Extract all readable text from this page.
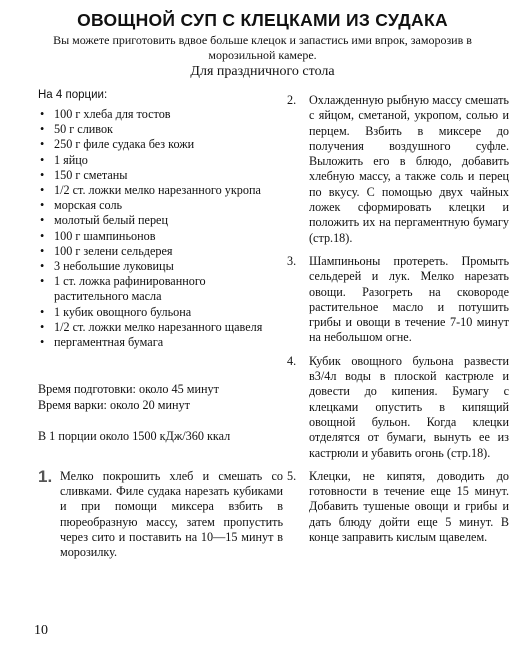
ОВОЩНОЙ СУП С КЛЕЦКАМИ ИЗ СУДАКА
Вы можете приготовить вдвое больше клецок и запастись ими впрок, заморозив в морозильной камере.
Для праздничного стола
На 4 порции:
• 100 г хлеба для тостов
• 50 г сливок
• 250 г филе судака без кожи
• 1 яйцо
• 150 г сметаны
• 1/2 ст. ложки мелко нарезанного укропа
• морская соль
• молотый белый перец
• 100 г шампиньонов
• 100 г зелени сельдерея
• 3 небольшие луковицы
• 1 ст. ложка рафинированного растительного масла
• 1 кубик овощного бульона
• 1/2 ст. ложки мелко нарезанного щавеля
• пергаментная бумага
Время подготовки: около 45 минут
Время варки: около 20 минут
В 1 порции около 1500 кДж/360 ккал
1. Мелко покрошить хлеб и смешать со сливками. Филе судака нарезать кубиками и при помощи миксера взбить в пюреобразную массу, затем пропустить через сито и поставить на 10—15 минут в морозилку.
2.	Охлажденную рыбную массу смешать с яйцом, сметаной, укропом, солью и перцем. Взбить в миксере до получения воздушного суфле. Выложить его в блюдо, добавить хлебную массу, а также соль и перец по вкусу. С помощью двух чайных ложек сформировать клецки и положить их на пергаментную бумагу (стр.18).
3.	Шампиньоны протереть. Промыть сельдерей и лук. Мелко нарезать овощи. Разогреть на сковороде растительное масло и потушить грибы и овощи в течение 7-10 минут на небольшом огне.
4.	Кубик овощного бульона развести в3/4л воды в плоской кастрюле и довести до кипения. Бумагу с клецками опустить в кипящий овощной бульон. Когда клецки отделятся от бумаги, вынуть ее из кастрюли и убавить огонь (стр.18).
5.	Клецки, не кипятя, доводить до готовности в течение еще 15 минут. Добавить тушеные овощи и грибы и дать блюду дойти еще 5 минут. В конце заправить кислым щавелем.
10
